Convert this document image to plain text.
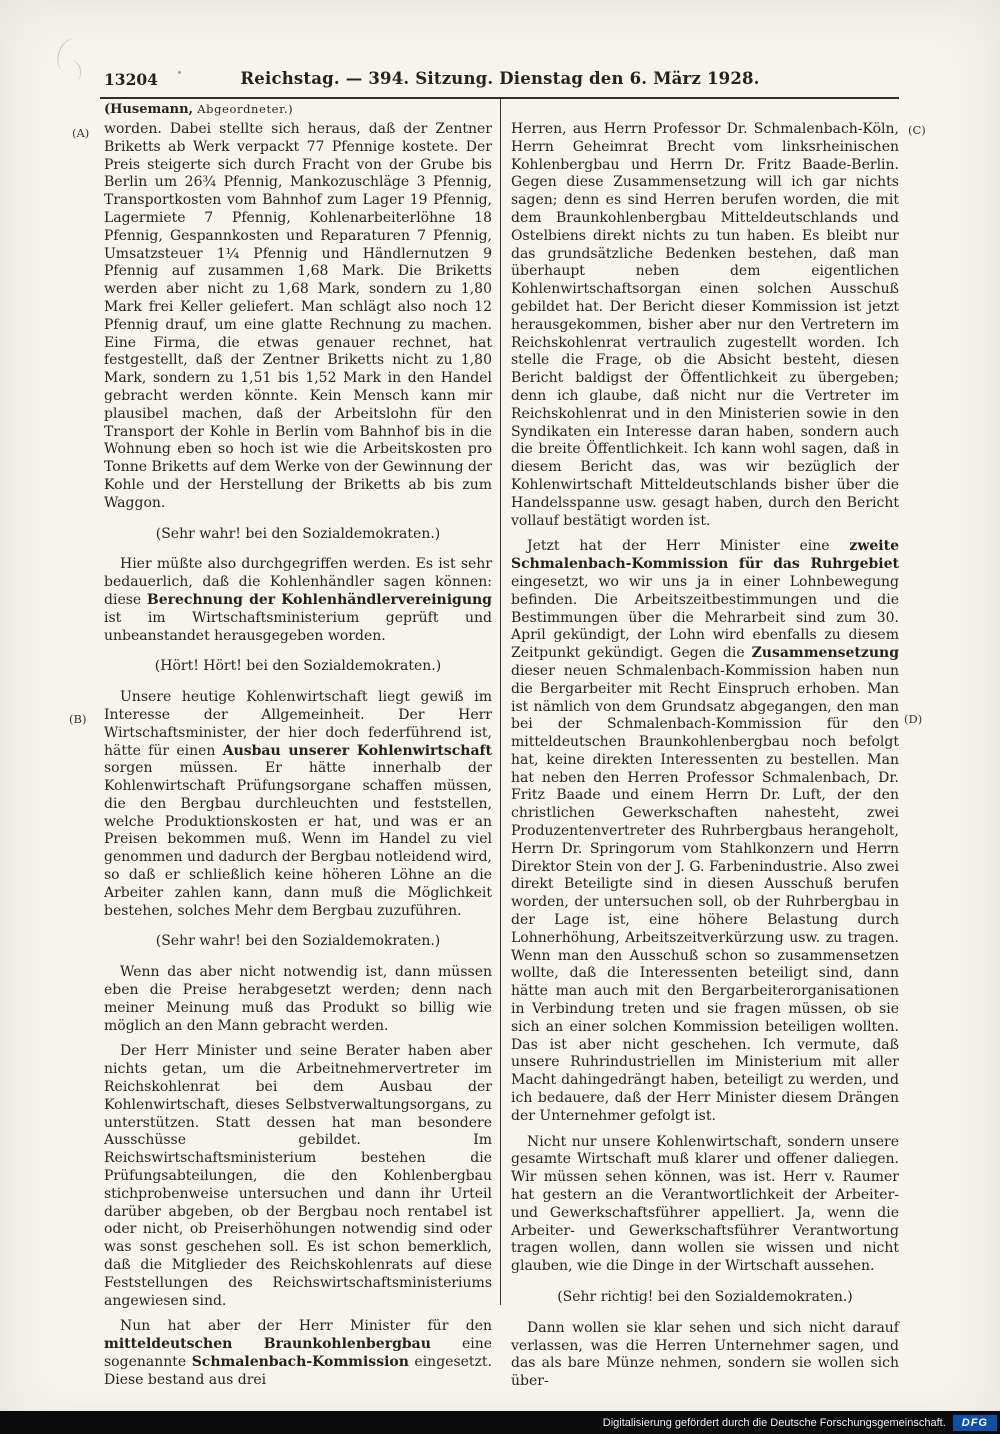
13204	Reichstag. — 394. Sitzung. Dienstag den 6. März 1928.
(Husemann, Abgeordneter.)
(A)
(B)
(C)
(D)

worden. Dabei stellte sich heraus, daß der Zentner Briketts ab Werk verpackt 77 Pfennige kostete. Der Preis steigerte sich durch Fracht von der Grube bis Berlin um 26¾ Pfennig, Mankozuschläge 3 Pfennig, Transportkosten vom Bahnhof zum Lager 19 Pfennig, Lagermiete 7 Pfennig, Kohlenarbeiterlöhne 18 Pfennig, Gespannkosten und Reparaturen 7 Pfennig, Umsatzsteuer 1¼ Pfennig und Händlernutzen 9 Pfennig auf zusammen 1,68 Mark. Die Briketts werden aber nicht zu 1,68 Mark, sondern zu 1,80 Mark frei Keller geliefert. Man schlägt also noch 12 Pfennig drauf, um eine glatte Rechnung zu machen. Eine Firma, die etwas genauer rechnet, hat festgestellt, daß der Zentner Briketts nicht zu 1,80 Mark, sondern zu 1,51 bis 1,52 Mark in den Handel gebracht werden könnte. Kein Mensch kann mir plausibel machen, daß der Arbeitslohn für den Transport der Kohle in Berlin vom Bahnhof bis in die Wohnung eben so hoch ist wie die Arbeitskosten pro Tonne Briketts auf dem Werke von der Gewinnung der Kohle und der Herstellung der Briketts ab bis zum Waggon.

(Sehr wahr! bei den Sozialdemokraten.)

Hier müßte also durchgegriffen werden. Es ist sehr bedauerlich, daß die Kohlenhändler sagen können: diese Berechnung der Kohlenhändlervereinigung ist im Wirtschaftsministerium geprüft und unbeanstandet herausgegeben worden.

(Hört! Hört! bei den Sozialdemokraten.)

Unsere heutige Kohlenwirtschaft liegt gewiß im Interesse der Allgemeinheit. Der Herr Wirtschaftsminister, der hier doch federführend ist, hätte für einen Ausbau unserer Kohlenwirtschaft sorgen müssen. Er hätte innerhalb der Kohlenwirtschaft Prüfungsorgane schaffen müssen, die den Bergbau durchleuchten und feststellen, welche Produktionskosten er hat, und was er an Preisen bekommen muß. Wenn im Handel zu viel genommen und dadurch der Bergbau notleidend wird, so daß er schließlich keine höheren Löhne an die Arbeiter zahlen kann, dann muß die Möglichkeit bestehen, solches Mehr dem Bergbau zuzuführen.

(Sehr wahr! bei den Sozialdemokraten.)

Wenn das aber nicht notwendig ist, dann müssen eben die Preise herabgesetzt werden; denn nach meiner Meinung muß das Produkt so billig wie möglich an den Mann gebracht werden.

Der Herr Minister und seine Berater haben aber nichts getan, um die Arbeitnehmervertreter im Reichskohlenrat bei dem Ausbau der Kohlenwirtschaft, dieses Selbstverwaltungsorgans, zu unterstützen. Statt dessen hat man besondere Ausschüsse gebildet. Im Reichswirtschaftsministerium bestehen die Prüfungsabteilungen, die den Kohlenbergbau stichprobenweise untersuchen und dann ihr Urteil darüber abgeben, ob der Bergbau noch rentabel ist oder nicht, ob Preiserhöhungen notwendig sind oder was sonst geschehen soll. Es ist schon bemerklich, daß die Mitglieder des Reichskohlenrats auf diese Feststellungen des Reichswirtschaftsministeriums angewiesen sind.

Nun hat aber der Herr Minister für den mitteldeutschen Braunkohlenbergbau eine sogenannte Schmalenbach-Kommission eingesetzt. Diese bestand aus drei

Herren, aus Herrn Professor Dr. Schmalenbach-Köln, Herrn Geheimrat Brecht vom linksrheinischen Kohlenbergbau und Herrn Dr. Fritz Baade-Berlin. Gegen diese Zusammensetzung will ich gar nichts sagen; denn es sind Herren berufen worden, die mit dem Braunkohlenbergbau Mitteldeutschlands und Ostelbiens direkt nichts zu tun haben. Es bleibt nur das grundsätzliche Bedenken bestehen, daß man überhaupt neben dem eigentlichen Kohlenwirtschaftsorgan einen solchen Ausschuß gebildet hat. Der Bericht dieser Kommission ist jetzt herausgekommen, bisher aber nur den Vertretern im Reichskohlenrat vertraulich zugestellt worden. Ich stelle die Frage, ob die Absicht besteht, diesen Bericht baldigst der Öffentlichkeit zu übergeben; denn ich glaube, daß nicht nur die Vertreter im Reichskohlenrat und in den Ministerien sowie in den Syndikaten ein Interesse daran haben, sondern auch die breite Öffentlichkeit. Ich kann wohl sagen, daß in diesem Bericht das, was wir bezüglich der Kohlenwirtschaft Mitteldeutschlands bisher über die Handelsspanne usw. gesagt haben, durch den Bericht vollauf bestätigt worden ist.

Jetzt hat der Herr Minister eine zweite Schmalenbach-Kommission für das Ruhrgebiet eingesetzt, wo wir uns ja in einer Lohnbewegung befinden. Die Arbeitszeitbestimmungen und die Bestimmungen über die Mehrarbeit sind zum 30. April gekündigt, der Lohn wird ebenfalls zu diesem Zeitpunkt gekündigt. Gegen die Zusammensetzung dieser neuen Schmalenbach-Kommission haben nun die Bergarbeiter mit Recht Einspruch erhoben. Man ist nämlich von dem Grundsatz abgegangen, den man bei der Schmalenbach-Kommission für den mitteldeutschen Braunkohlenbergbau noch befolgt hat, keine direkten Interessenten zu bestellen. Man hat neben den Herren Professor Schmalenbach, Dr. Fritz Baade und einem Herrn Dr. Luft, der den christlichen Gewerkschaften nahesteht, zwei Produzentenvertreter des Ruhrbergbaus herangeholt, Herrn Dr. Springorum vom Stahlkonzern und Herrn Direktor Stein von der J. G. Farbenindustrie. Also zwei direkt Beteiligte sind in diesen Ausschuß berufen worden, der untersuchen soll, ob der Ruhrbergbau in der Lage ist, eine höhere Belastung durch Lohnerhöhung, Arbeitszeitverkürzung usw. zu tragen. Wenn man den Ausschuß schon so zusammensetzen wollte, daß die Interessenten beteiligt sind, dann hätte man auch mit den Bergarbeiterorganisationen in Verbindung treten und sie fragen müssen, ob sie sich an einer solchen Kommission beteiligen wollten. Das ist aber nicht geschehen. Ich vermute, daß unsere Ruhrindustriellen im Ministerium mit aller Macht dahingedrängt haben, beteiligt zu werden, und ich bedauere, daß der Herr Minister diesem Drängen der Unternehmer gefolgt ist.

Nicht nur unsere Kohlenwirtschaft, sondern unsere gesamte Wirtschaft muß klarer und offener daliegen. Wir müssen sehen können, was ist. Herr v. Raumer hat gestern an die Verantwortlichkeit der Arbeiter- und Gewerkschaftsführer appelliert. Ja, wenn die Arbeiter- und Gewerkschaftsführer Verantwortung tragen wollen, dann wollen sie wissen und nicht glauben, wie die Dinge in der Wirtschaft aussehen.

(Sehr richtig! bei den Sozialdemokraten.)

Dann wollen sie klar sehen und sich nicht darauf verlassen, was die Herren Unternehmer sagen, und das als bare Münze nehmen, sondern sie wollen sich über-

Digitalisierung gefördert durch die Deutsche Forschungsgemeinschaft.	DFG
